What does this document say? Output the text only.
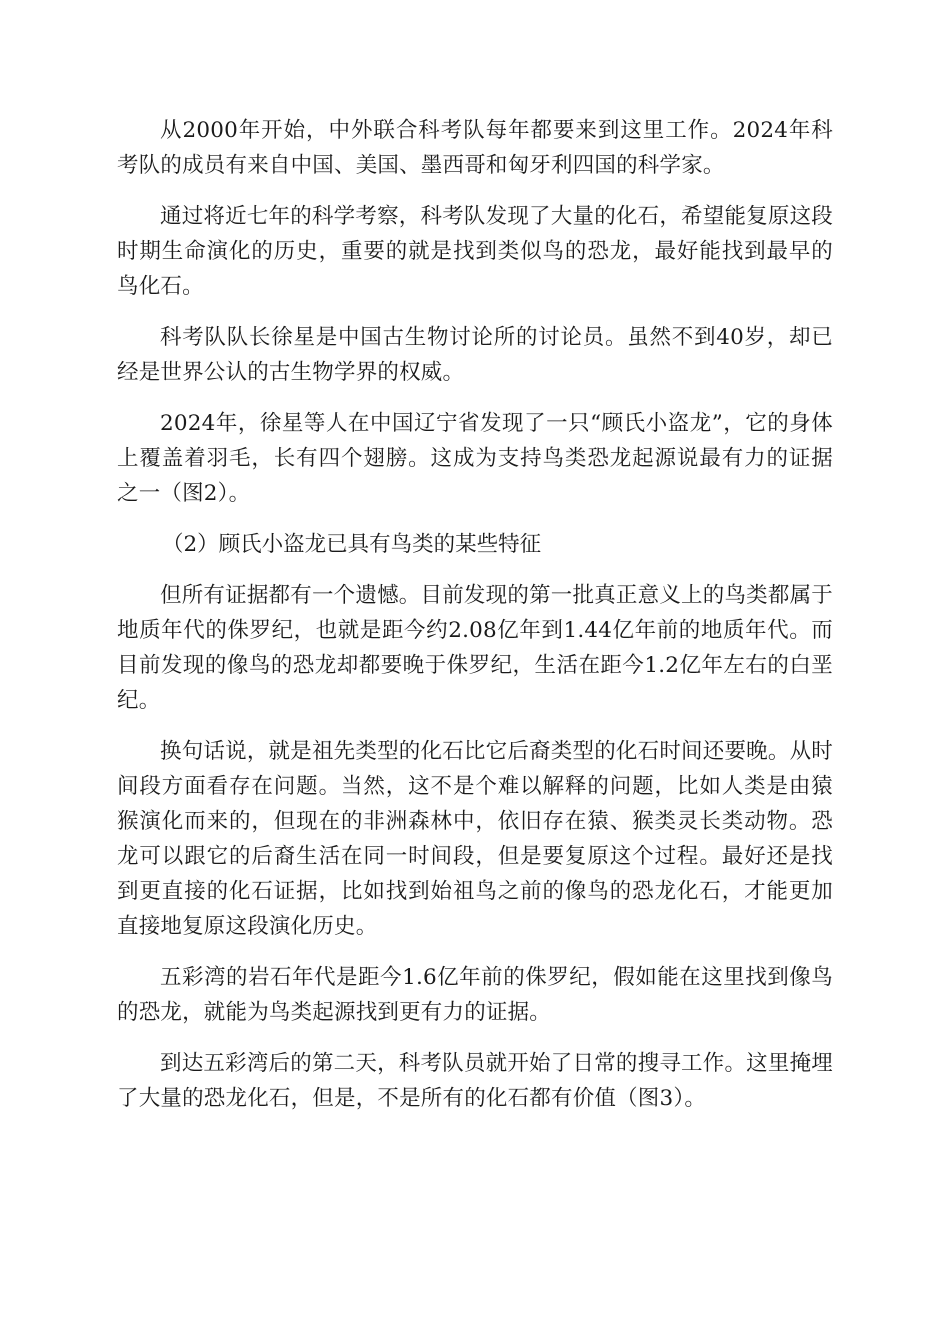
从2000年开始，中外联合科考队每年都要来到这里工作。2024年科考队的成员有来自中国、美国、墨西哥和匈牙利四国的科学家。

通过将近七年的科学考察，科考队发现了大量的化石，希望能复原这段时期生命演化的历史，重要的就是找到类似鸟的恐龙，最好能找到最早的鸟化石。

科考队队长徐星是中国古生物讨论所的讨论员。虽然不到40岁，却已经是世界公认的古生物学界的权威。

2024年，徐星等人在中国辽宁省发现了一只“顾氏小盗龙”，它的身体上覆盖着羽毛，长有四个翅膀。这成为支持鸟类恐龙起源说最有力的证据之一（图2）。

（2）顾氏小盗龙已具有鸟类的某些特征

但所有证据都有一个遗憾。目前发现的第一批真正意义上的鸟类都属于地质年代的侏罗纪，也就是距今约2.08亿年到1.44亿年前的地质年代。而目前发现的像鸟的恐龙却都要晚于侏罗纪，生活在距今1.2亿年左右的白垩纪。

换句话说，就是祖先类型的化石比它后裔类型的化石时间还要晚。从时间段方面看存在问题。当然，这不是个难以解释的问题，比如人类是由猿猴演化而来的，但现在的非洲森林中，依旧存在猿、猴类灵长类动物。恐龙可以跟它的后裔生活在同一时间段，但是要复原这个过程。最好还是找到更直接的化石证据，比如找到始祖鸟之前的像鸟的恐龙化石，才能更加直接地复原这段演化历史。

五彩湾的岩石年代是距今1.6亿年前的侏罗纪，假如能在这里找到像鸟的恐龙，就能为鸟类起源找到更有力的证据。

到达五彩湾后的第二天，科考队员就开始了日常的搜寻工作。这里掩埋了大量的恐龙化石，但是，不是所有的化石都有价值（图3）。
